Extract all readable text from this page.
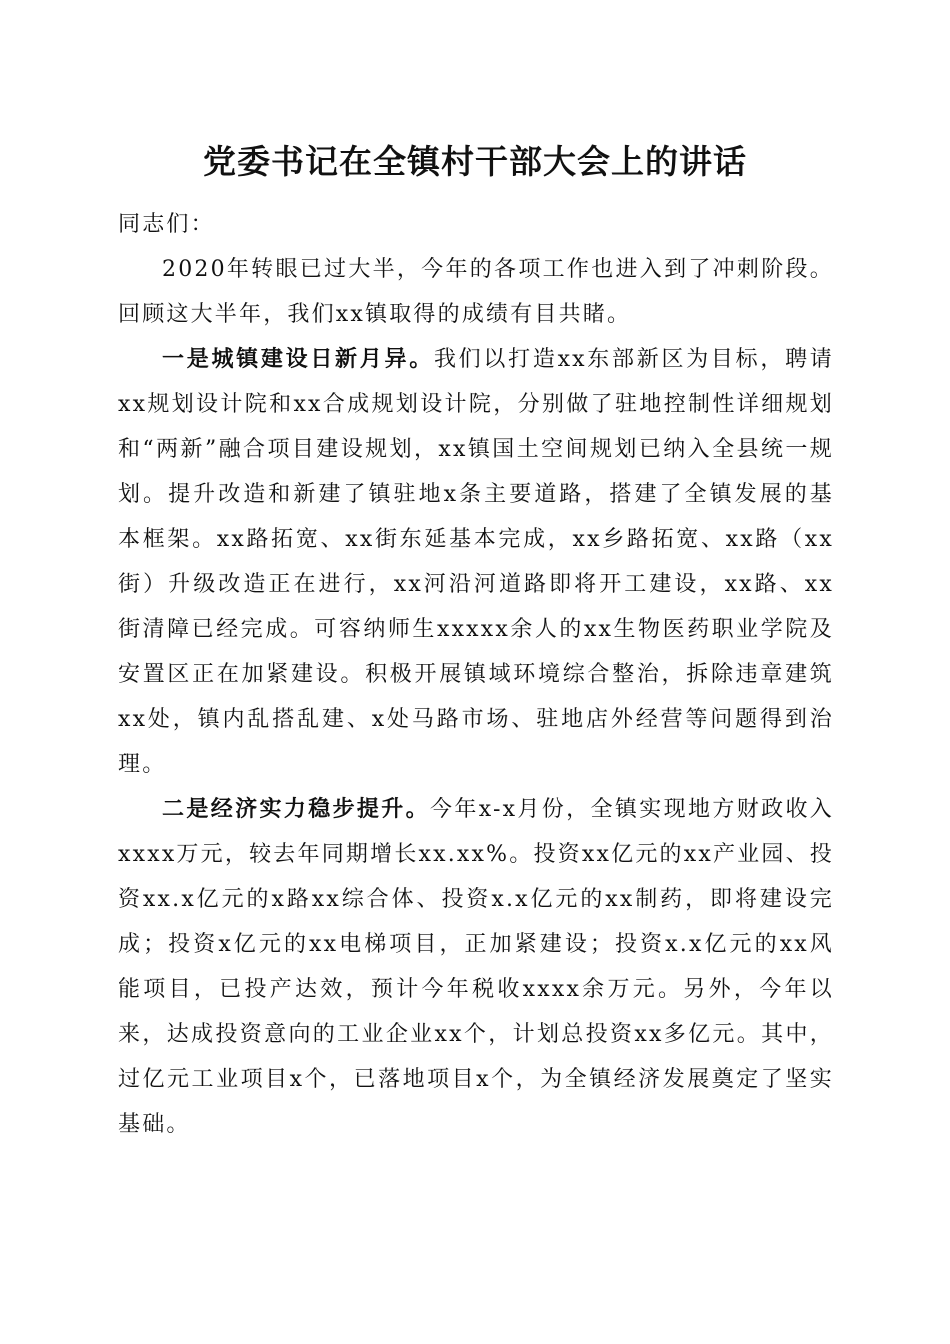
党委书记在全镇村干部大会上的讲话

同志们：

2020年转眼已过大半，今年的各项工作也进入到了冲刺阶段。回顾这大半年，我们xx镇取得的成绩有目共睹。

一是城镇建设日新月异。我们以打造xx东部新区为目标，聘请xx规划设计院和xx合成规划设计院，分别做了驻地控制性详细规划和“两新”融合项目建设规划，xx镇国土空间规划已纳入全县统一规划。提升改造和新建了镇驻地x条主要道路，搭建了全镇发展的基本框架。xx路拓宽、xx街东延基本完成，xx乡路拓宽、xx路（xx街）升级改造正在进行，xx河沿河道路即将开工建设，xx路、xx街清障已经完成。可容纳师生xxxxx余人的xx生物医药职业学院及安置区正在加紧建设。积极开展镇域环境综合整治，拆除违章建筑xx处，镇内乱搭乱建、x处马路市场、驻地店外经营等问题得到治理。

二是经济实力稳步提升。今年x-x月份，全镇实现地方财政收入xxxx万元，较去年同期增长xx.xx%。投资xx亿元的xx产业园、投资xx.x亿元的x路xx综合体、投资x.x亿元的xx制药，即将建设完成；投资x亿元的xx电梯项目，正加紧建设；投资x.x亿元的xx风能项目，已投产达效，预计今年税收xxxx余万元。另外，今年以来，达成投资意向的工业企业xx个，计划总投资xx多亿元。其中，过亿元工业项目x个，已落地项目x个，为全镇经济发展奠定了坚实基础。
